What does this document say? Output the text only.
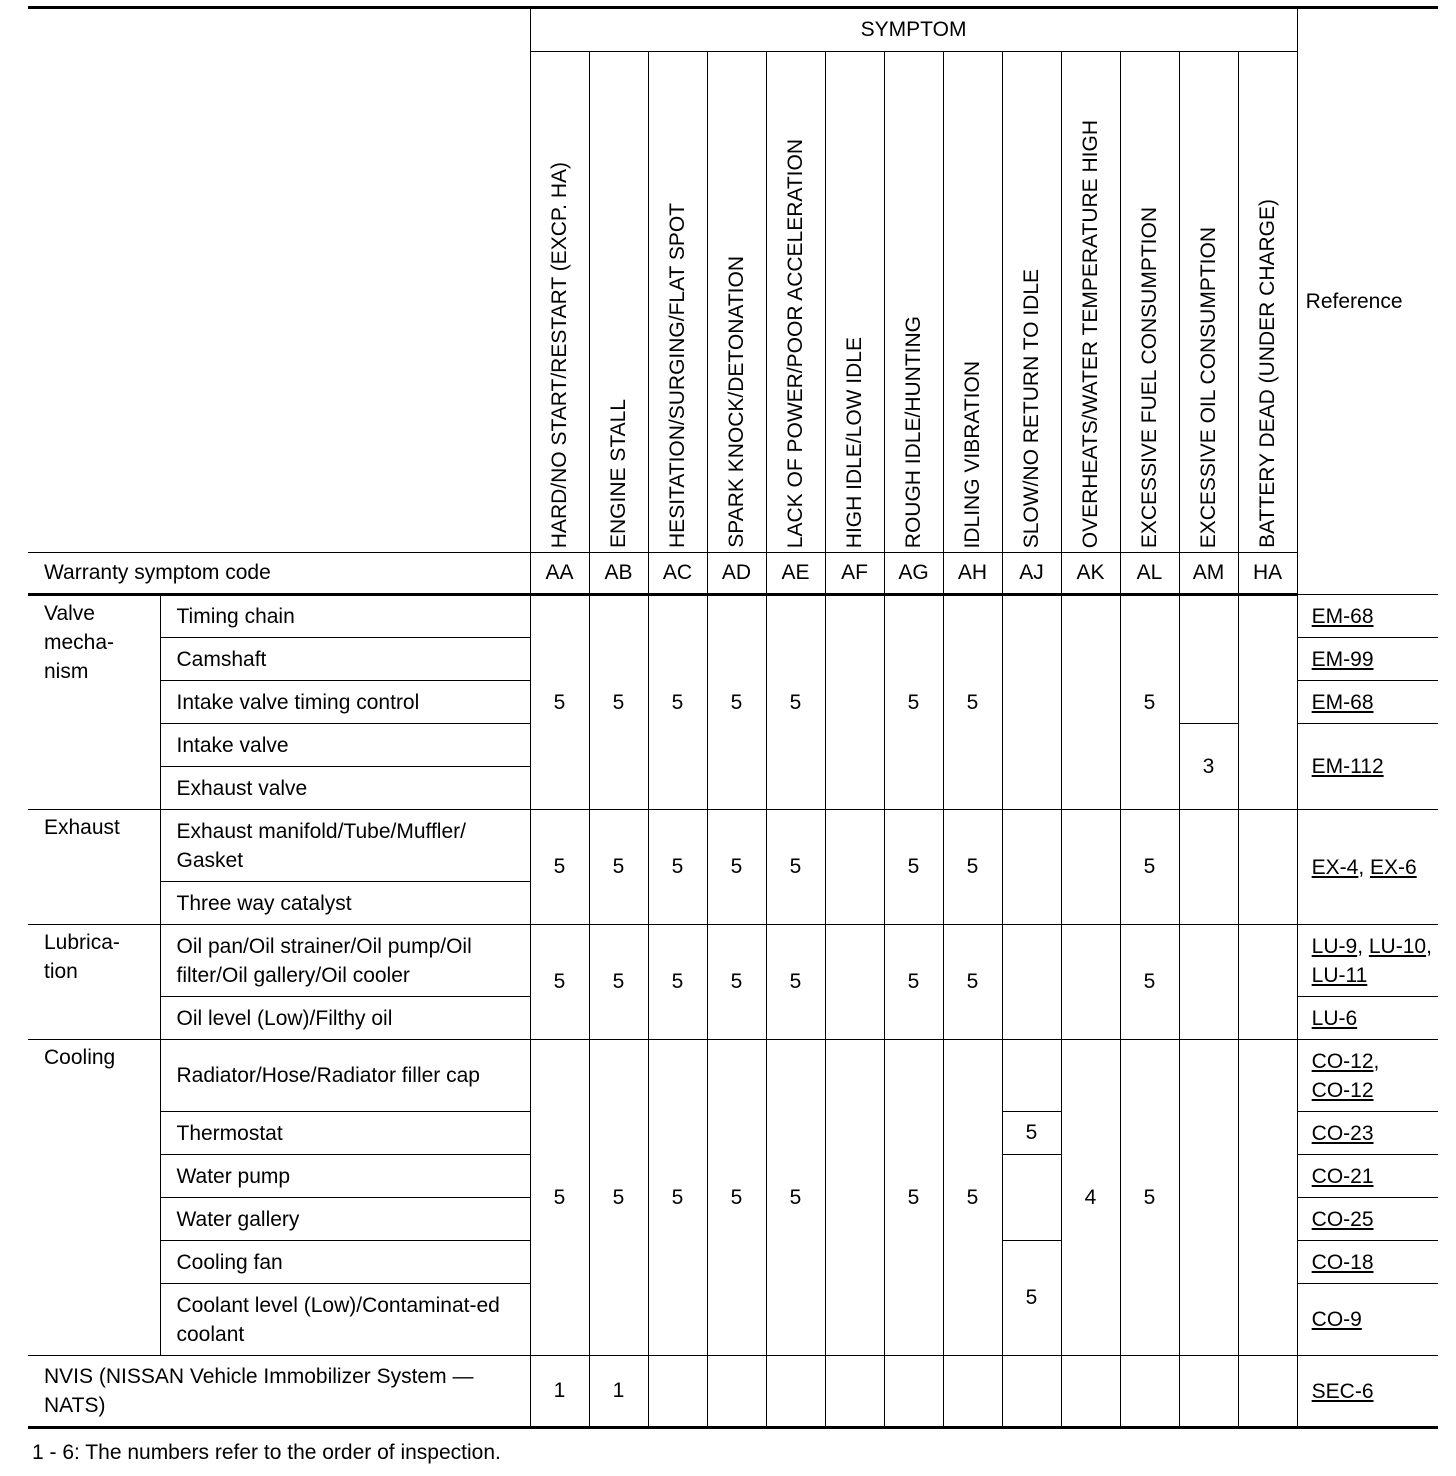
		SYMPTOM													Reference

		HARD/NO START/RESTART (EXCP. HA)	ENGINE STALL	HESITATION/SURGING/FLAT SPOT	SPARK KNOCK/DETONATION	LACK OF POWER/POOR ACCELERATION	HIGH IDLE/LOW IDLE	ROUGH IDLE/HUNTING	IDLING VIBRATION	SLOW/NO RETURN TO IDLE	OVERHEATS/WATER TEMPERATURE HIGH	EXCESSIVE FUEL CONSUMPTION	EXCESSIVE OIL CONSUMPTION	BATTERY DEAD (UNDER CHARGE)	

Warranty symptom code		AA	AB	AC	AD	AE	AF	AG	AH	AJ	AK	AL	AM	HA	

Valve mecha-nism	Timing chain	5	5	5	5	5		5	5			5			EM-68
	Camshaft														EM-99
	Intake valve timing control														EM-68
	Intake valve												3		EM-112
	Exhaust valve														
Exhaust	Exhaust manifold/Tube/Muffler/ Gasket	5	5	5	5	5		5	5			5			EX-4, EX-6
	Three way catalyst														

Lubrica-tion	Oil pan/Oil strainer/Oil pump/Oil filter/Oil gallery/Oil cooler	5	5	5	5	5		5	5			5			LU-9, LU-10, LU-11
	Oil level (Low)/Filthy oil														LU-6
Cooling	Radiator/Hose/Radiator filler cap	5	5	5	5	5		5	5		4	5			CO-12,
CO-12
	Thermostat									5					CO-23
	Water pump														CO-21
	Water gallery														CO-25
	Cooling fan									5					CO-18
	Coolant level (Low)/Contaminat-ed coolant														CO-9
NVIS (NISSAN Vehicle Immobilizer System — NATS)		1	1												SEC-6
1 - 6: The numbers refer to the order of inspection.
